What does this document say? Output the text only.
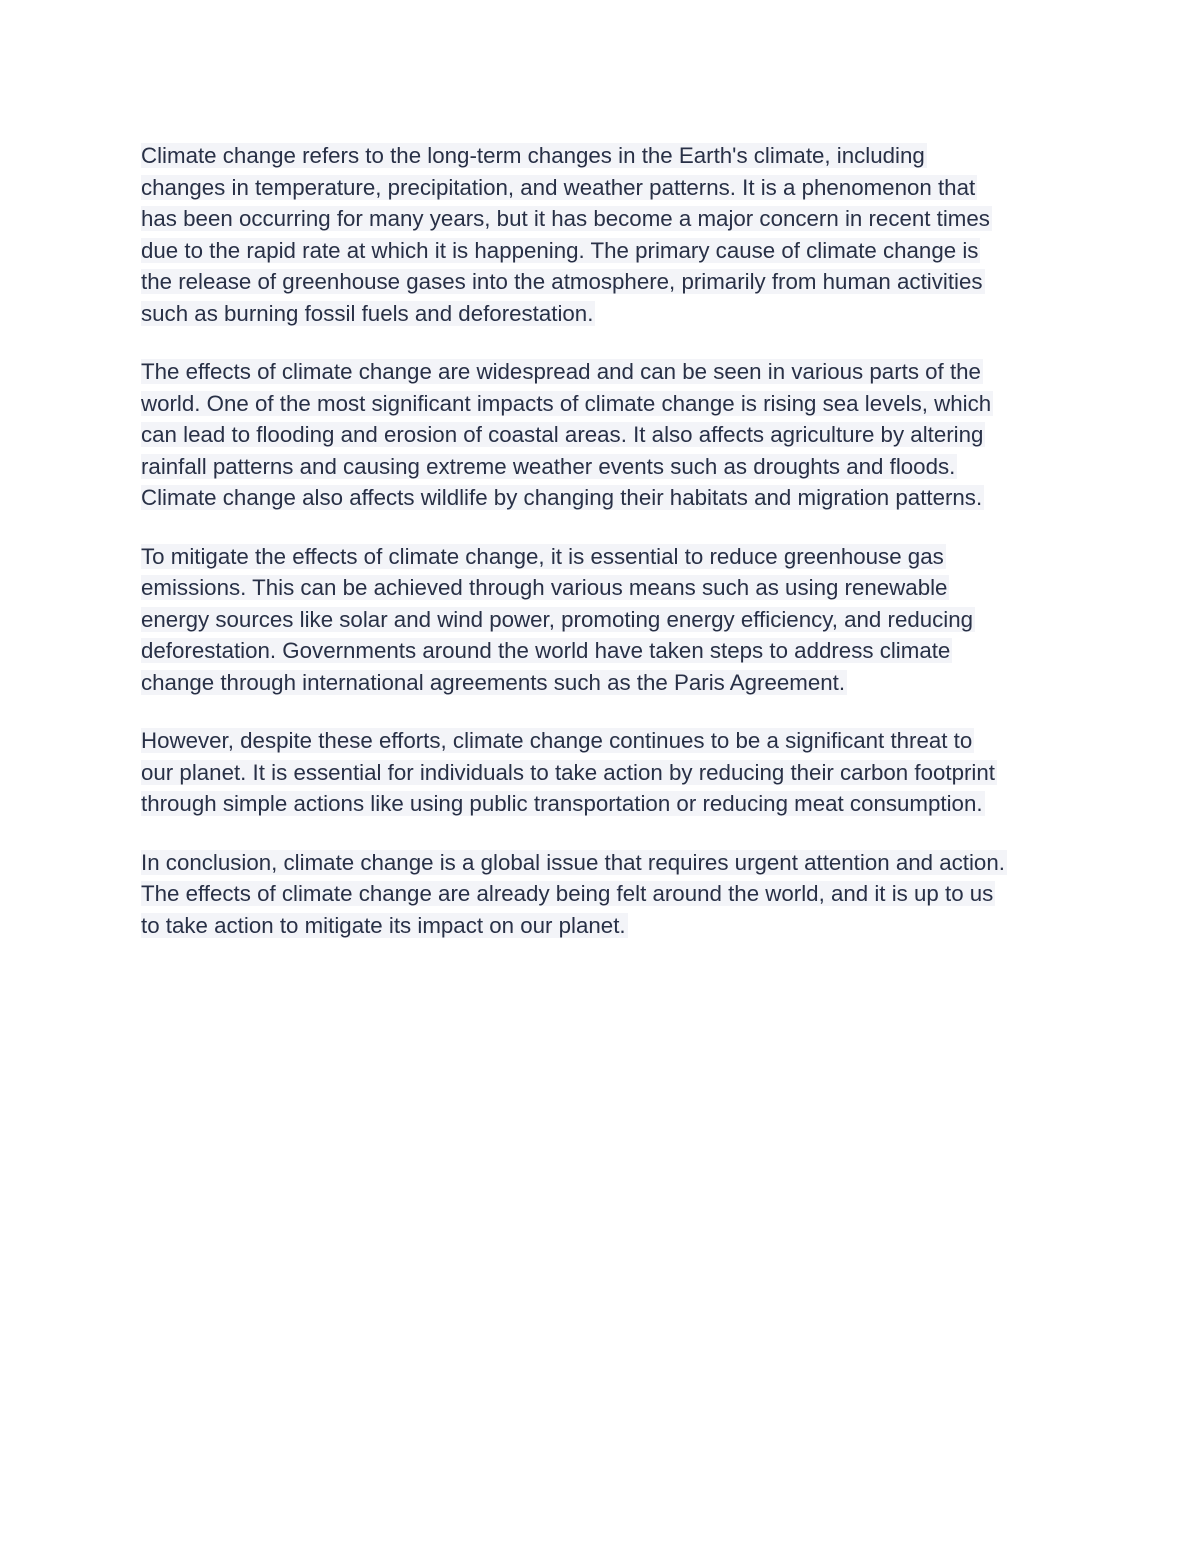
Climate change refers to the long-term changes in the Earth's climate, including
changes in temperature, precipitation, and weather patterns. It is a phenomenon that
has been occurring for many years, but it has become a major concern in recent times
due to the rapid rate at which it is happening. The primary cause of climate change is
the release of greenhouse gases into the atmosphere, primarily from human activities
such as burning fossil fuels and deforestation.

The effects of climate change are widespread and can be seen in various parts of the
world. One of the most significant impacts of climate change is rising sea levels, which
can lead to flooding and erosion of coastal areas. It also affects agriculture by altering
rainfall patterns and causing extreme weather events such as droughts and floods.
Climate change also affects wildlife by changing their habitats and migration patterns.

To mitigate the effects of climate change, it is essential to reduce greenhouse gas
emissions. This can be achieved through various means such as using renewable
energy sources like solar and wind power, promoting energy efficiency, and reducing
deforestation. Governments around the world have taken steps to address climate
change through international agreements such as the Paris Agreement.

However, despite these efforts, climate change continues to be a significant threat to
our planet. It is essential for individuals to take action by reducing their carbon footprint
through simple actions like using public transportation or reducing meat consumption.

In conclusion, climate change is a global issue that requires urgent attention and action.
The effects of climate change are already being felt around the world, and it is up to us
to take action to mitigate its impact on our planet.
